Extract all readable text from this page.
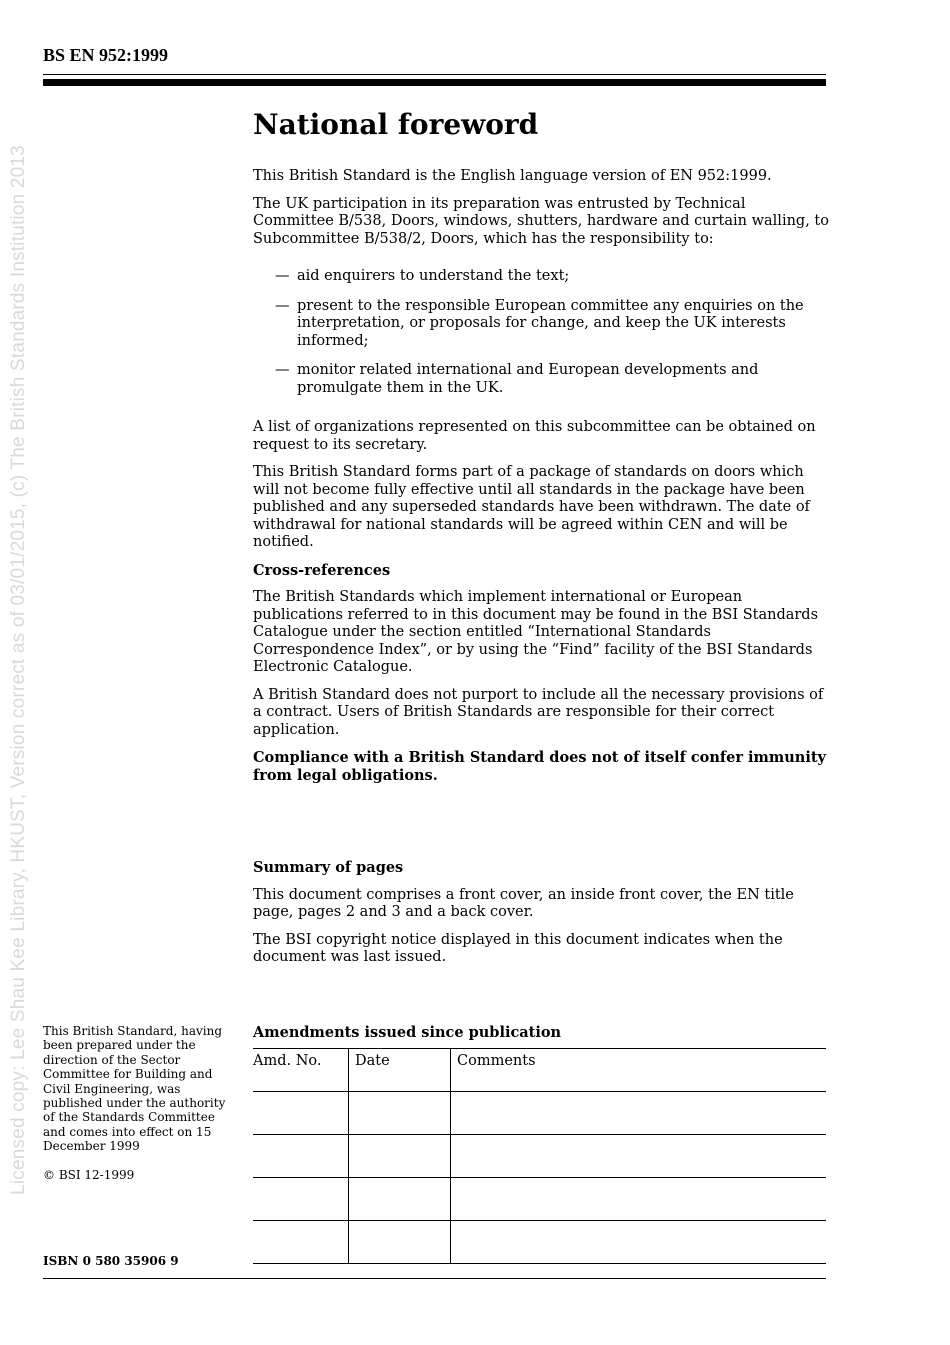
BS EN 952:1999
Licensed copy: Lee Shau Kee Library, HKUST, Version correct as of 03/01/2015, (c) The British Standards Institution 2013
National foreword

This British Standard is the English language version of EN 952:1999.

The UK participation in its preparation was entrusted by Technical Committee B/538, Doors, windows, shutters, hardware and curtain walling, to Subcommittee B/538/2, Doors, which has the responsibility to:

— aid enquirers to understand the text;
— present to the responsible European committee any enquiries on the interpretation, or proposals for change, and keep the UK interests informed;
— monitor related international and European developments and promulgate them in the UK.

A list of organizations represented on this subcommittee can be obtained on request to its secretary.

This British Standard forms part of a package of standards on doors which will not become fully effective until all standards in the package have been published and any superseded standards have been withdrawn. The date of withdrawal for national standards will be agreed within CEN and will be notified.

Cross-references

The British Standards which implement international or European publications referred to in this document may be found in the BSI Standards Catalogue under the section entitled “International Standards Correspondence Index”, or by using the “Find” facility of the BSI Standards Electronic Catalogue.

A British Standard does not purport to include all the necessary provisions of a contract. Users of British Standards are responsible for their correct application.

Compliance with a British Standard does not of itself confer immunity from legal obligations.

Summary of pages

This document comprises a front cover, an inside front cover, the EN title page, pages 2 and 3 and a back cover.

The BSI copyright notice displayed in this document indicates when the document was last issued.

This British Standard, having been prepared under the direction of the Sector Committee for Building and Civil Engineering, was published under the authority of the Standards Committee and comes into effect on 15 December 1999

© BSI 12-1999
ISBN 0 580 35906 9
Amendments issued since publication
Amd. No.	Date	Comments
